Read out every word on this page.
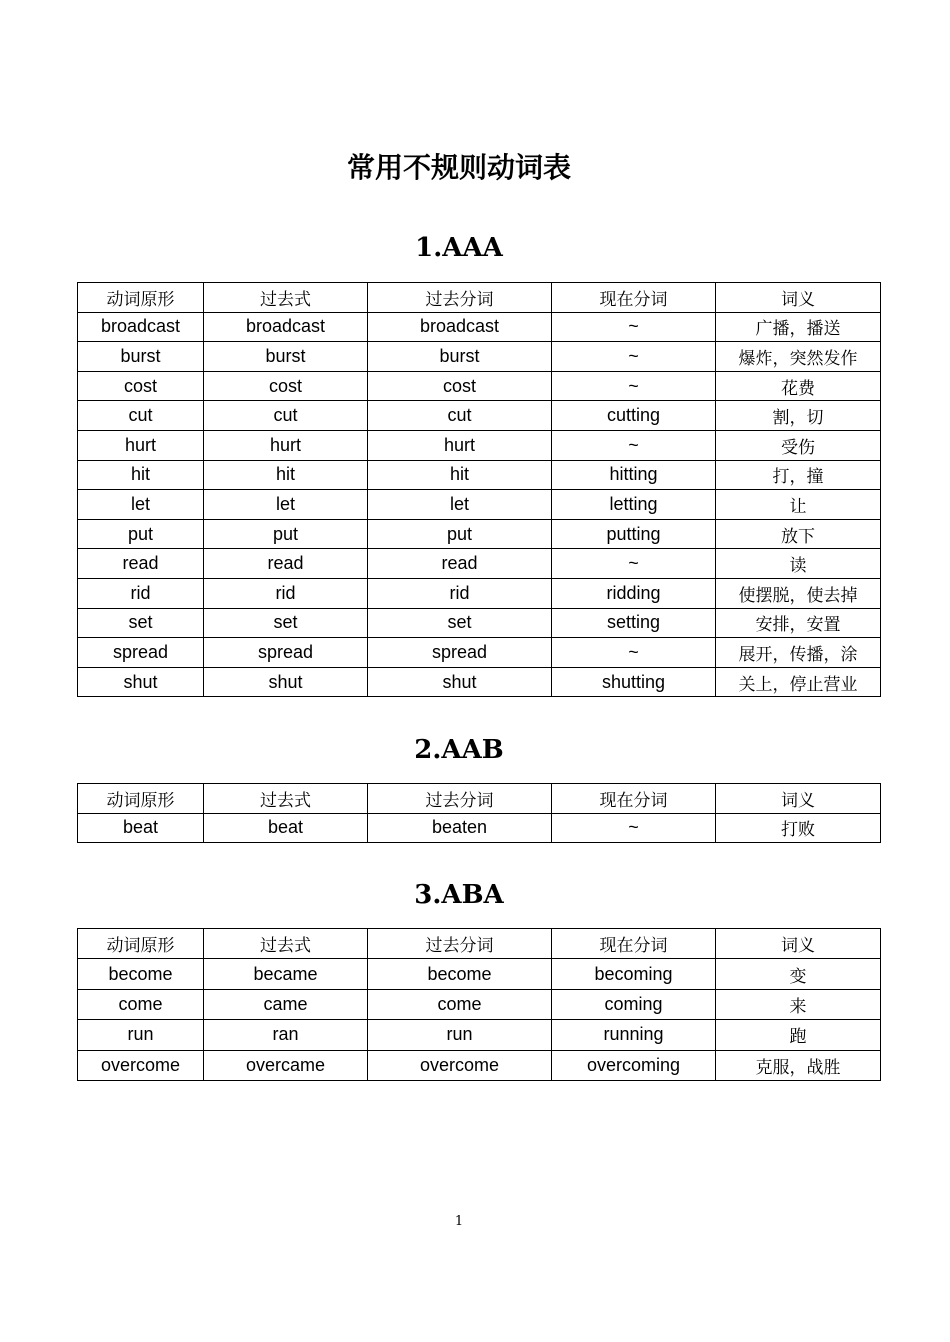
常用不规则动词表
1.AAA
动词原形	过去式	过去分词	现在分词	词义
broadcast	broadcast	broadcast	~	广播，播送
burst	burst	burst	~	爆炸，突然发作
cost	cost	cost	~	花费
cut	cut	cut	cutting	割，切
hurt	hurt	hurt	~	受伤
hit	hit	hit	hitting	打，撞
let	let	let	letting	让
put	put	put	putting	放下
read	read	read	~	读
rid	rid	rid	ridding	使摆脱，使去掉
set	set	set	setting	安排，安置
spread	spread	spread	~	展开，传播，涂
shut	shut	shut	shutting	关上，停止营业
2.AAB
动词原形	过去式	过去分词	现在分词	词义
beat	beat	beaten	~	打败
3.ABA
动词原形	过去式	过去分词	现在分词	词义
become	became	become	becoming	变
come	came	come	coming	来
run	ran	run	running	跑
overcome	overcame	overcome	overcoming	克服，战胜
1
